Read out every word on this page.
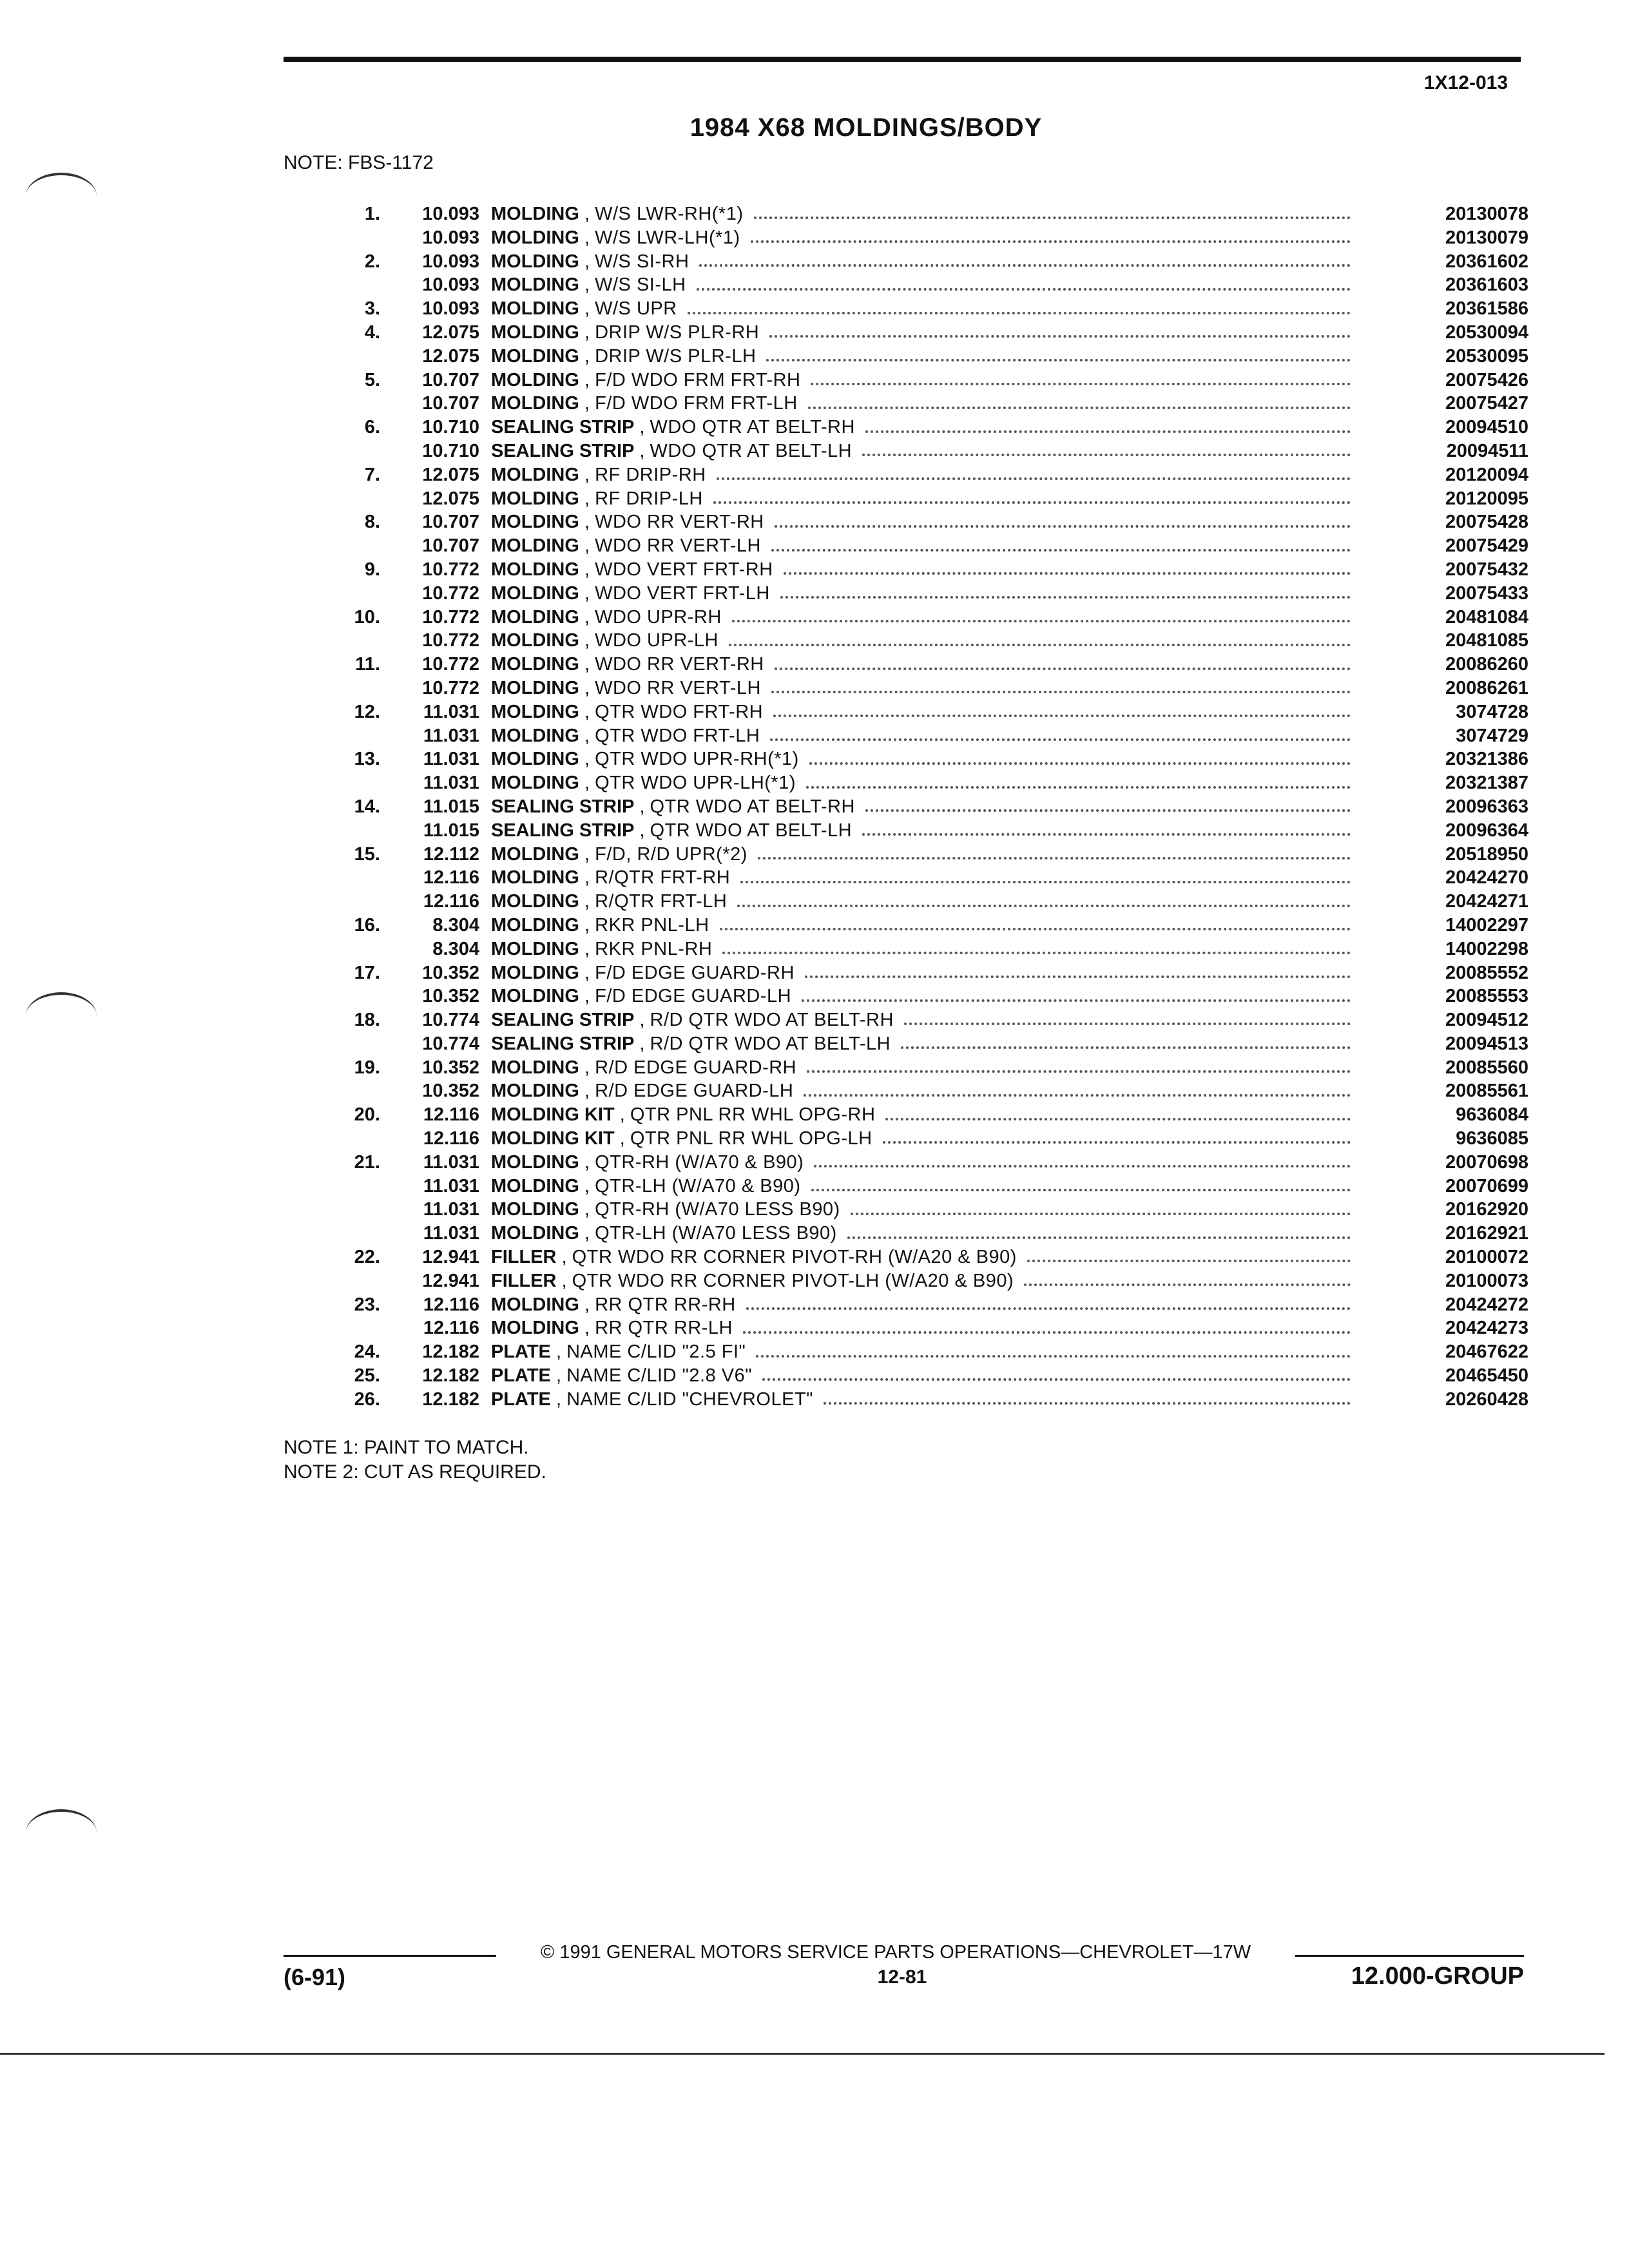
1X12-013
1984 X68 MOLDINGS/BODY
NOTE: FBS-1172
1.	10.093	MOLDING , W/S LWR-RH(*1)	20130078
	10.093	MOLDING , W/S LWR-LH(*1)	20130079
2.	10.093	MOLDING , W/S SI-RH	20361602
	10.093	MOLDING , W/S SI-LH	20361603
3.	10.093	MOLDING , W/S UPR	20361586
4.	12.075	MOLDING , DRIP W/S PLR-RH	20530094
	12.075	MOLDING , DRIP W/S PLR-LH	20530095
5.	10.707	MOLDING , F/D WDO FRM FRT-RH	20075426
	10.707	MOLDING , F/D WDO FRM FRT-LH	20075427
6.	10.710	SEALING STRIP , WDO QTR AT BELT-RH	20094510
	10.710	SEALING STRIP , WDO QTR AT BELT-LH	20094511
7.	12.075	MOLDING , RF DRIP-RH	20120094
	12.075	MOLDING , RF DRIP-LH	20120095
8.	10.707	MOLDING , WDO RR VERT-RH	20075428
	10.707	MOLDING , WDO RR VERT-LH	20075429
9.	10.772	MOLDING , WDO VERT FRT-RH	20075432
	10.772	MOLDING , WDO VERT FRT-LH	20075433
10.	10.772	MOLDING , WDO UPR-RH	20481084
	10.772	MOLDING , WDO UPR-LH	20481085
11.	10.772	MOLDING , WDO RR VERT-RH	20086260
	10.772	MOLDING , WDO RR VERT-LH	20086261
12.	11.031	MOLDING , QTR WDO FRT-RH	3074728
	11.031	MOLDING , QTR WDO FRT-LH	3074729
13.	11.031	MOLDING , QTR WDO UPR-RH(*1)	20321386
	11.031	MOLDING , QTR WDO UPR-LH(*1)	20321387
14.	11.015	SEALING STRIP , QTR WDO AT BELT-RH	20096363
	11.015	SEALING STRIP , QTR WDO AT BELT-LH	20096364
15.	12.112	MOLDING , F/D, R/D UPR(*2)	20518950
	12.116	MOLDING , R/QTR FRT-RH	20424270
	12.116	MOLDING , R/QTR FRT-LH	20424271
16.	8.304	MOLDING , RKR PNL-LH	14002297
	8.304	MOLDING , RKR PNL-RH	14002298
17.	10.352	MOLDING , F/D EDGE GUARD-RH	20085552
	10.352	MOLDING , F/D EDGE GUARD-LH	20085553
18.	10.774	SEALING STRIP , R/D QTR WDO AT BELT-RH	20094512
	10.774	SEALING STRIP , R/D QTR WDO AT BELT-LH	20094513
19.	10.352	MOLDING , R/D EDGE GUARD-RH	20085560
	10.352	MOLDING , R/D EDGE GUARD-LH	20085561
20.	12.116	MOLDING KIT , QTR PNL RR WHL OPG-RH	9636084
	12.116	MOLDING KIT , QTR PNL RR WHL OPG-LH	9636085
21.	11.031	MOLDING , QTR-RH (W/A70 & B90)	20070698
	11.031	MOLDING , QTR-LH (W/A70 & B90)	20070699
	11.031	MOLDING , QTR-RH (W/A70 LESS B90)	20162920
	11.031	MOLDING , QTR-LH (W/A70 LESS B90)	20162921
22.	12.941	FILLER , QTR WDO RR CORNER PIVOT-RH (W/A20 & B90)	20100072
	12.941	FILLER , QTR WDO RR CORNER PIVOT-LH (W/A20 & B90)	20100073
23.	12.116	MOLDING , RR QTR RR-RH	20424272
	12.116	MOLDING , RR QTR RR-LH	20424273
24.	12.182	PLATE , NAME C/LID "2.5 FI"	20467622
25.	12.182	PLATE , NAME C/LID "2.8 V6"	20465450
26.	12.182	PLATE , NAME C/LID "CHEVROLET"	20260428
NOTE 1: PAINT TO MATCH.
NOTE 2: CUT AS REQUIRED.
© 1991 GENERAL MOTORS SERVICE PARTS OPERATIONS—CHEVROLET—17W
(6-91)	12-81	12.000-GROUP
